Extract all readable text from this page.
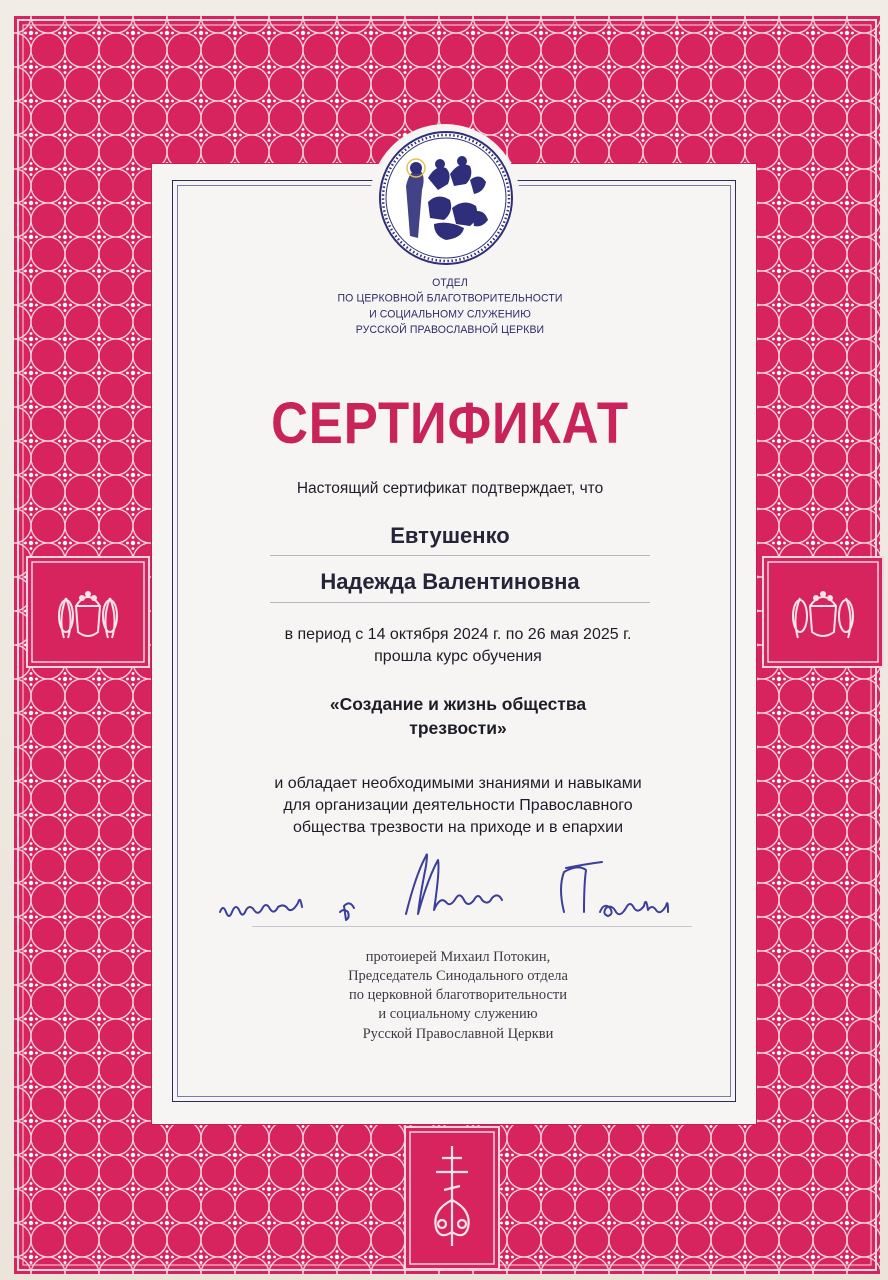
ОТДЕЛ
ПО ЦЕРКОВНОЙ БЛАГОТВОРИТЕЛЬНОСТИ
И СОЦИАЛЬНОМУ СЛУЖЕНИЮ
РУССКОЙ ПРАВОСЛАВНОЙ ЦЕРКВИ
СЕРТИФИКАТ
Настоящий сертификат подтверждает, что
Евтушенко
Надежда Валентиновна
в период с 14 октября 2024 г. по 26 мая 2025 г.
прошла курс обучения
«Создание и жизнь общества
трезвости»
и обладает необходимыми знаниями и навыками
для организации деятельности Православного
общества трезвости на приходе и в епархии
протоиерей Михаил Потокин,
Председатель Синодального отдела
по церковной благотворительности
и социальному служению
Русской Православной Церкви
